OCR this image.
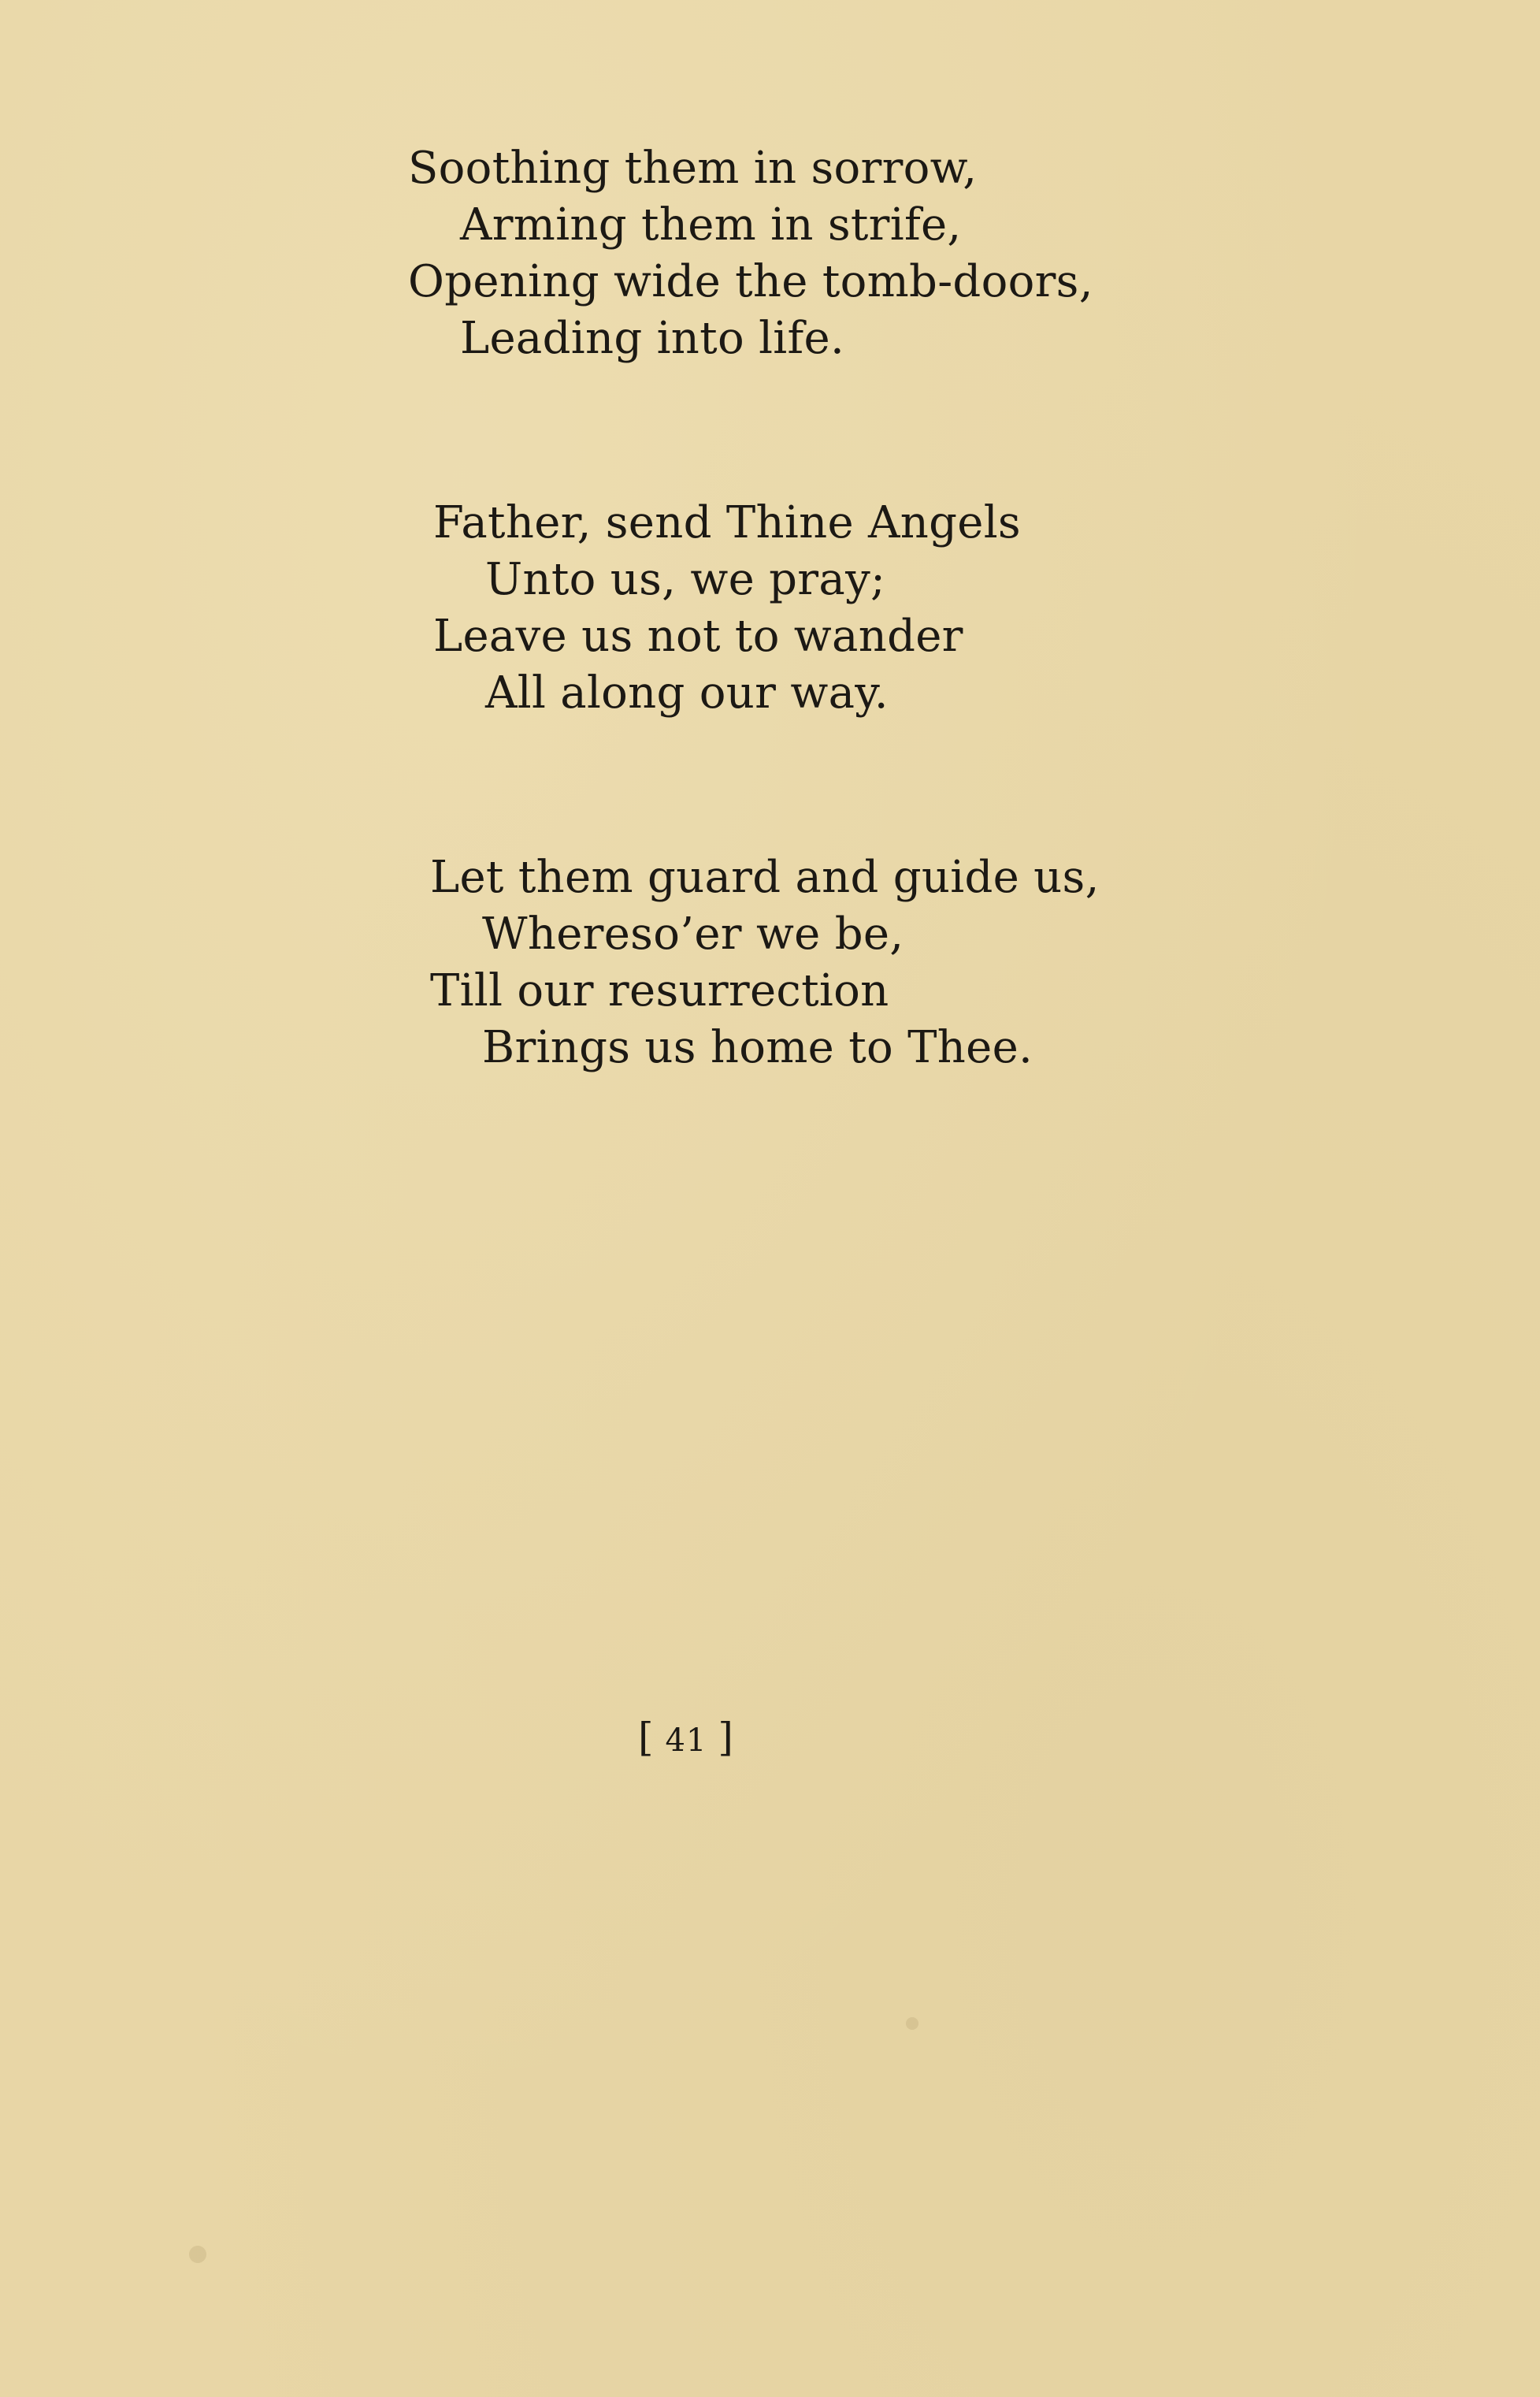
Soothing them in sorrow,
Arming them in strife,
Opening wide the tomb-doors,
Leading into life.
Father, send Thine Angels
Unto us, we pray;
Leave us not to wander
All along our way.
Let them guard and guide us,
Whereso’er we be,
Till our resurrection
Brings us home to Thee.
[ 41 ]
